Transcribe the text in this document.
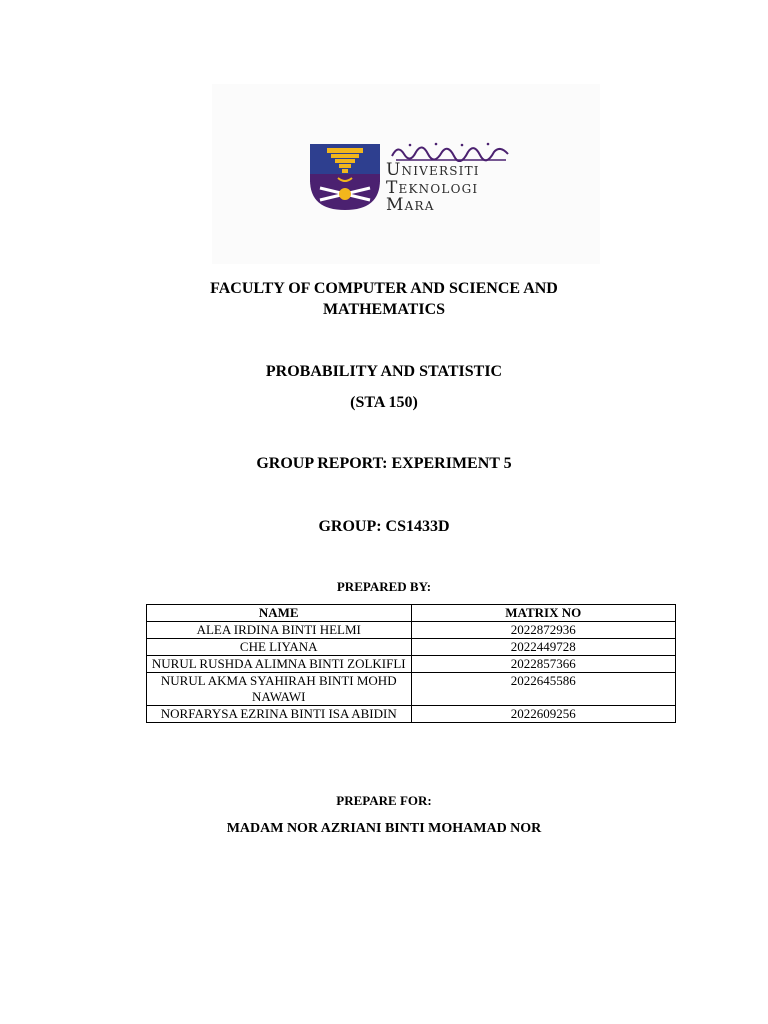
اونيۏرسيتي تيكنولوݢي مار
Universiti
Teknologi
Mara
FACULTY OF COMPUTER AND SCIENCE AND
MATHEMATICS
PROBABILITY AND STATISTIC
(STA 150)
GROUP REPORT: EXPERIMENT 5
GROUP: CS1433D
PREPARED BY:
NAME	MATRIX NO
ALEA IRDINA BINTI HELMI	2022872936
CHE LIYANA	2022449728
NURUL RUSHDA ALIMNA BINTI ZOLKIFLI	2022857366
NURUL AKMA SYAHIRAH BINTI MOHD NAWAWI	2022645586
NORFARYSA EZRINA BINTI ISA ABIDIN	2022609256
PREPARE FOR:
MADAM NOR AZRIANI BINTI MOHAMAD NOR
